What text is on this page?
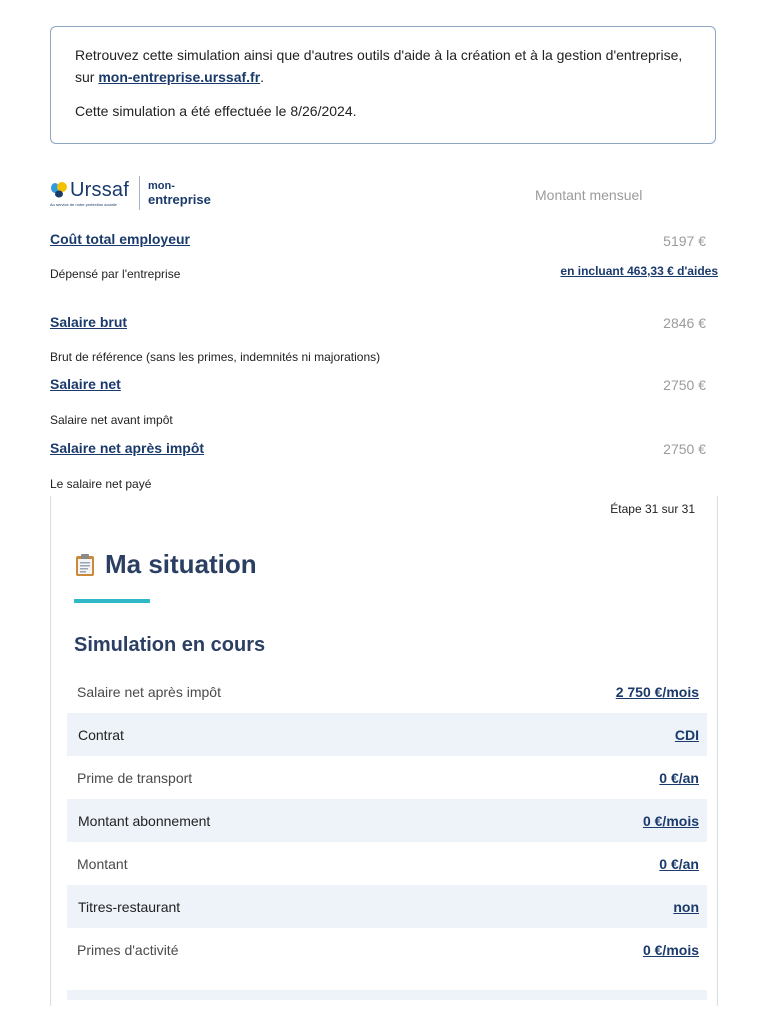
Retrouvez cette simulation ainsi que d'autres outils d'aide à la création et à la gestion d'entreprise, sur mon-entreprise.urssaf.fr.

Cette simulation a été effectuée le 8/26/2024.

Urssaf
Au service de notre protection sociale
mon-
entreprise	Montant mensuel
Coût total employeur	5197 €
Dépensé par l'entreprise	en incluant 463,33 € d'aides
Salaire brut	2846 €
Brut de référence (sans les primes, indemnités ni majorations)
Salaire net	2750 €
Salaire net avant impôt
Salaire net après impôt	2750 €
Le salaire net payé
Étape 31 sur 31
Ma situation
Simulation en cours
Salaire net après impôt	2 750 €/mois
Contrat	CDI
Prime de transport	0 €/an
Montant abonnement	0 €/mois
Montant	0 €/an
Titres-restaurant	non
Primes d'activité	0 €/mois
